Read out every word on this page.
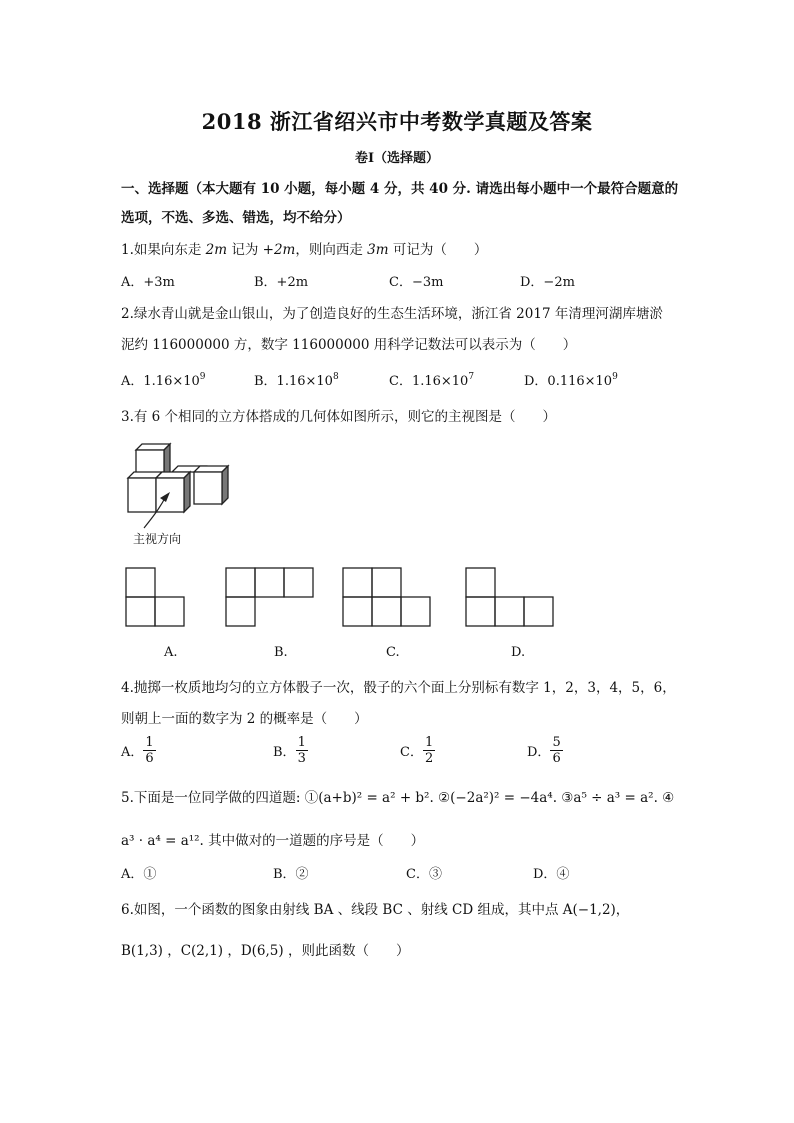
2018 浙江省绍兴市中考数学真题及答案
卷Ⅰ（选择题）
一、选择题（本大题有 10 小题，每小题 4 分，共 40 分. 请选出每小题中一个最符合题意的
选项，不选、多选、错选，均不给分）
1.如果向东走 2m 记为 +2m，则向西走 3m 可记为（　　）
A．+3m	B．+2m	C．−3m	D．−2m
2.绿水青山就是金山银山，为了创造良好的生态生活环境，浙江省 2017 年清理河湖库塘淤
泥约 116000000 方，数字 116000000 用科学记数法可以表示为（　　）
A．$1.16\times 10^9$	B．$1.16\times 10^8$	C．$1.16\times 10^7$	D．$0.116\times 10^9$
3.有 6 个相同的立方体搭成的几何体如图所示，则它的主视图是（　　）
主视方向
A.	B.	C.	D.
4.抛掷一枚质地均匀的立方体骰子一次，骰子的六个面上分别标有数字 1，2，3，4，5，6，
则朝上一面的数字为 2 的概率是（　　）
A． $\frac{1}{6}$	B． $\frac{1}{3}$	C． $\frac{1}{2}$	D． $\frac{5}{6}$
5.下面是一位同学做的四道题: ①(a+b)² = a² + b². ②(−2a²)² = −4a⁴. ③a⁵ ÷ a³ = a². ④
a³ · a⁴ = a¹². 其中做对的一道题的序号是（　　）
A．①	B．②	C．③	D．④
6.如图，一个函数的图象由射线 BA 、线段 BC 、射线 CD 组成，其中点 A(−1,2)，
B(1,3) ，C(2,1) ，D(6,5) ，则此函数（　　）
